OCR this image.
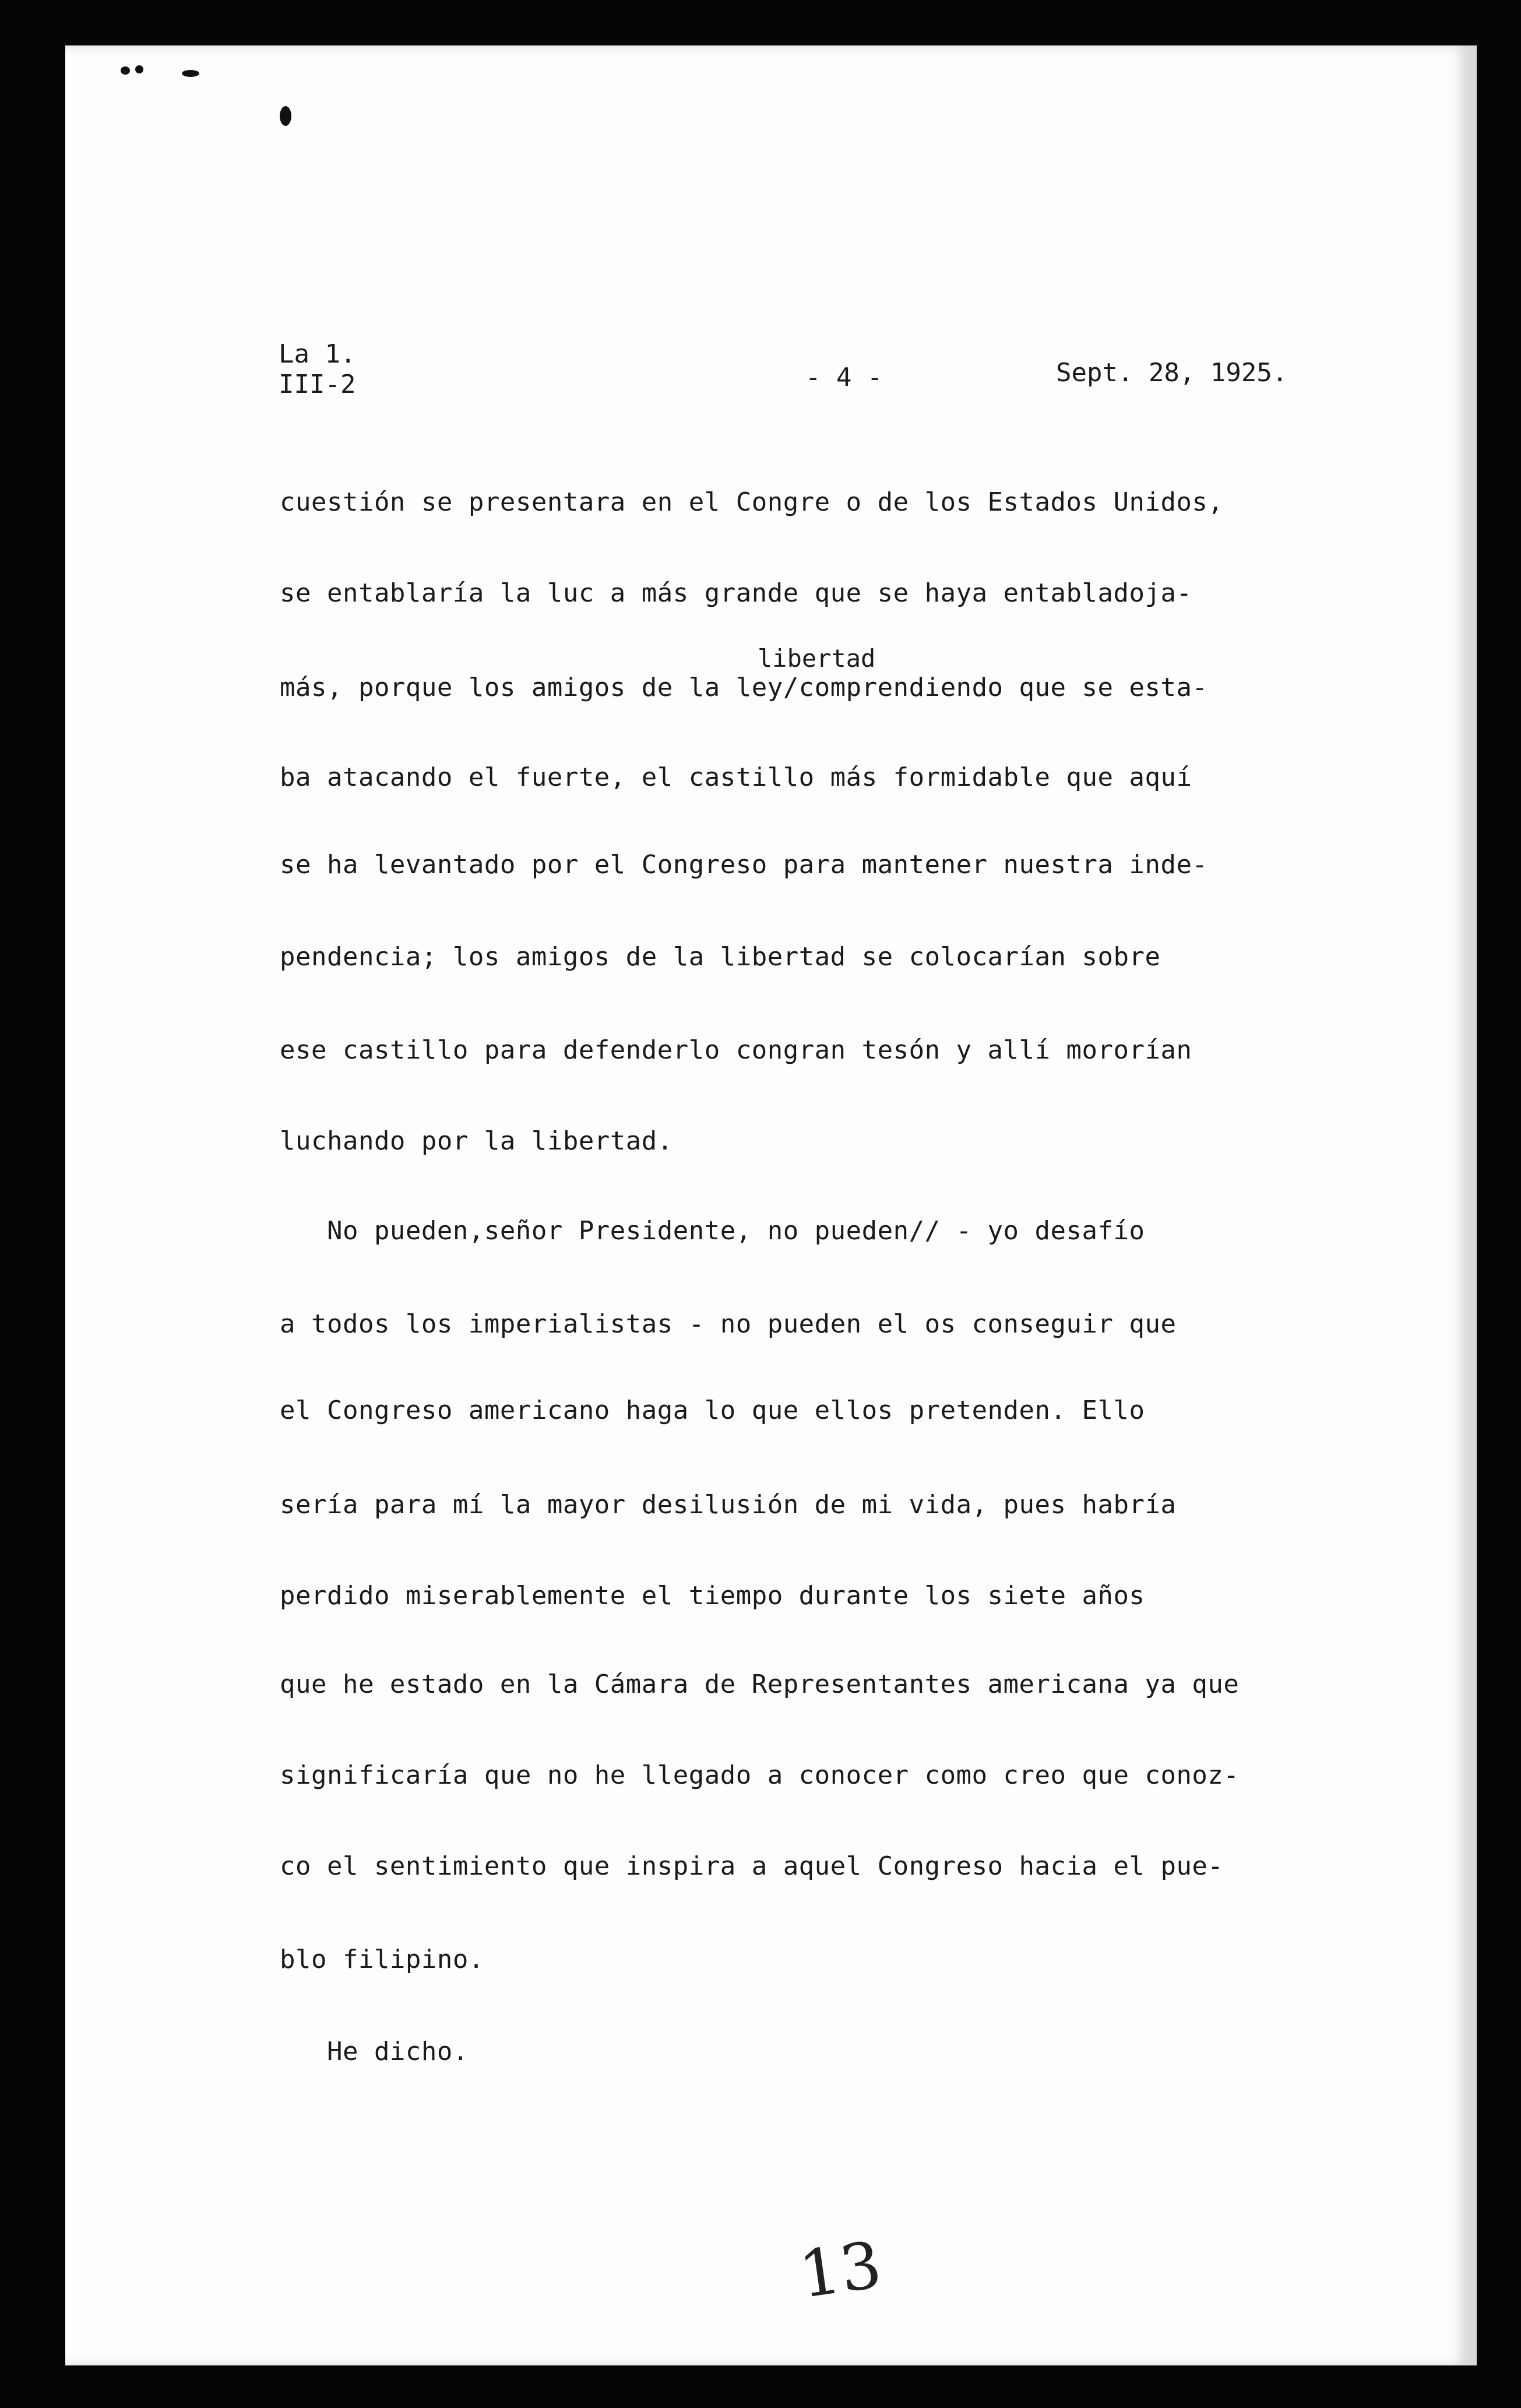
La 1.
III-2	- 4 -	Sept. 28, 1925.
libertad
cuestión se presentara en el Congre o de los Estados Unidos,
se entablaría la luc a más grande que se haya entabladoja-
más, porque los amigos de la ley/comprendiendo que se esta-
ba atacando el fuerte, el castillo más formidable que aquí
se ha levantado por el Congreso para mantener nuestra inde-
pendencia; los amigos de la libertad se colocarían sobre
ese castillo para defenderlo congran tesón y allí mororían
luchando por la libertad.
No pueden,señor Presidente, no pueden// - yo desafío
a todos los imperialistas - no pueden el os conseguir que
el Congreso americano haga lo que ellos pretenden. Ello
sería para mí la mayor desilusión de mi vida, pues habría
perdido miserablemente el tiempo durante los siete años
que he estado en la Cámara de Representantes americana ya que
significaría que no he llegado a conocer como creo que conoz-
co el sentimiento que inspira a aquel Congreso hacia el pue-
blo filipino.
He dicho.
13
